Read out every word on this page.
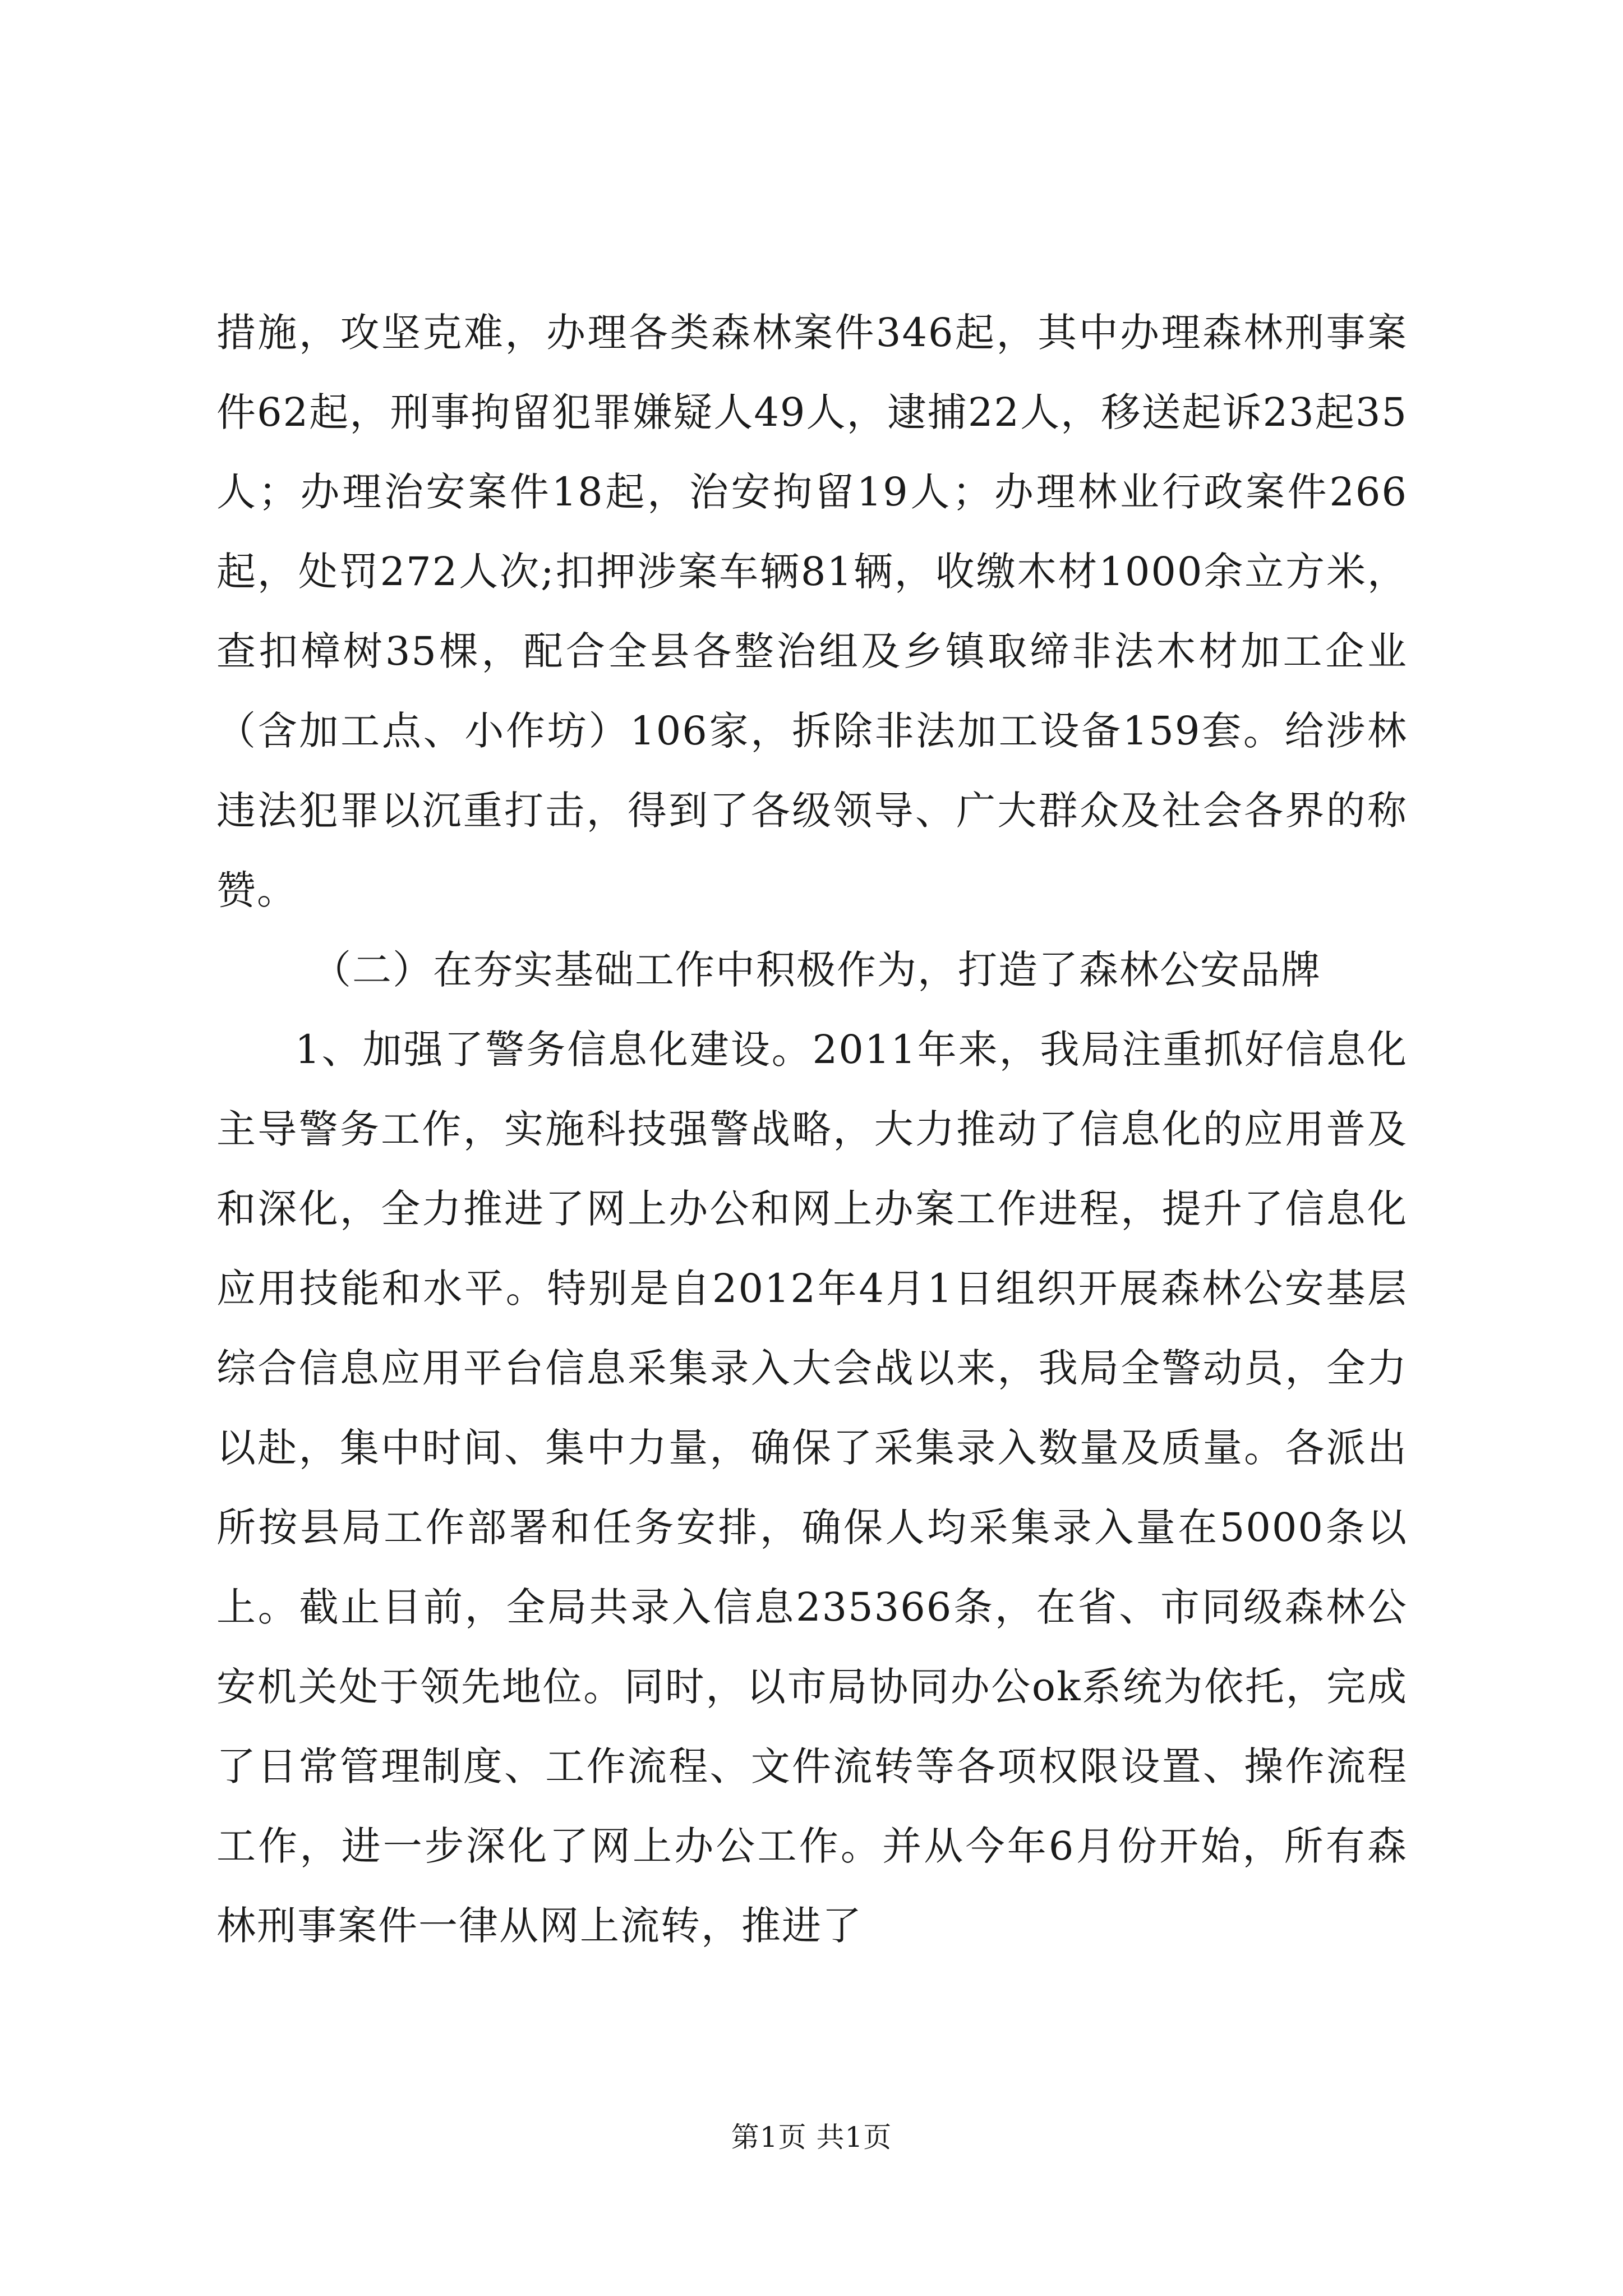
措施，攻坚克难，办理各类森林案件346起，其中办理森林刑事案件62起，刑事拘留犯罪嫌疑人49人，逮捕22人，移送起诉23起35人；办理治安案件18起，治安拘留19人；办理林业行政案件266起，处罚272人次;扣押涉案车辆81辆，收缴木材1000余立方米，查扣樟树35棵，配合全县各整治组及乡镇取缔非法木材加工企业（含加工点、小作坊）106家，拆除非法加工设备159套。给涉林违法犯罪以沉重打击，得到了各级领导、广大群众及社会各界的称赞。

（二）在夯实基础工作中积极作为，打造了森林公安品牌

1、加强了警务信息化建设。2011年来，我局注重抓好信息化主导警务工作，实施科技强警战略，大力推动了信息化的应用普及和深化，全力推进了网上办公和网上办案工作进程，提升了信息化应用技能和水平。特别是自2012年4月1日组织开展森林公安基层综合信息应用平台信息采集录入大会战以来，我局全警动员，全力以赴，集中时间、集中力量，确保了采集录入数量及质量。各派出所按县局工作部署和任务安排，确保人均采集录入量在5000条以上。截止目前，全局共录入信息235366条，在省、市同级森林公安机关处于领先地位。同时，以市局协同办公ok系统为依托，完成了日常管理制度、工作流程、文件流转等各项权限设置、操作流程工作，进一步深化了网上办公工作。并从今年6月份开始，所有森林刑事案件一律从网上流转，推进了

第1页 共1页
